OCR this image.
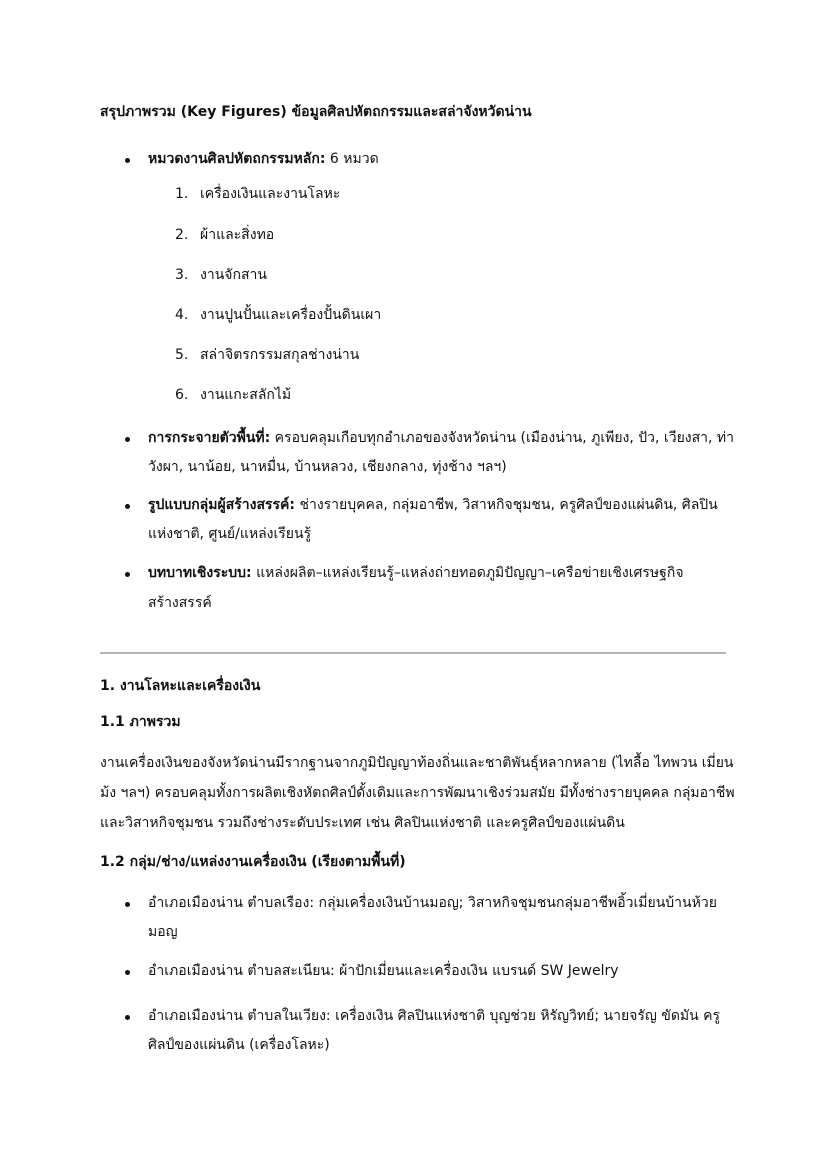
สรุปภาพรวม (Key Figures) ข้อมูลศิลปหัตถกรรมและสล่าจังหวัดน่าน
หมวดงานศิลปหัตถกรรมหลัก: 6 หมวด
1. เครื่องเงินและงานโลหะ
2. ผ้าและสิ่งทอ
3. งานจักสาน
4. งานปูนปั้นและเครื่องปั้นดินเผา
5. สล่าจิตรกรรมสกุลช่างน่าน
6. งานแกะสลักไม้
การกระจายตัวพื้นที่: ครอบคลุมเกือบทุกอำเภอของจังหวัดน่าน (เมืองน่าน, ภูเพียง, ปัว, เวียงสา, ท่า
วังผา, นาน้อย, นาหมื่น, บ้านหลวง, เชียงกลาง, ทุ่งช้าง ฯลฯ)
รูปแบบกลุ่มผู้สร้างสรรค์: ช่างรายบุคคล, กลุ่มอาชีพ, วิสาหกิจชุมชน, ครูศิลป์ของแผ่นดิน, ศิลปิน
แห่งชาติ, ศูนย์/แหล่งเรียนรู้
บทบาทเชิงระบบ: แหล่งผลิต–แหล่งเรียนรู้–แหล่งถ่ายทอดภูมิปัญญา–เครือข่ายเชิงเศรษฐกิจ
สร้างสรรค์
1. งานโลหะและเครื่องเงิน
1.1 ภาพรวม
งานเครื่องเงินของจังหวัดน่านมีรากฐานจากภูมิปัญญาท้องถิ่นและชาติพันธุ์หลากหลาย (ไทลื้อ ไทพวน เมี่ยน
ม้ง ฯลฯ) ครอบคลุมทั้งการผลิตเชิงหัตถศิลป์ดั้งเดิมและการพัฒนาเชิงร่วมสมัย มีทั้งช่างรายบุคคล กลุ่มอาชีพ
และวิสาหกิจชุมชน รวมถึงช่างระดับประเทศ เช่น ศิลปินแห่งชาติ และครูศิลป์ของแผ่นดิน
1.2 กลุ่ม/ช่าง/แหล่งงานเครื่องเงิน (เรียงตามพื้นที่)
อำเภอเมืองน่าน ตำบลเรือง: กลุ่มเครื่องเงินบ้านมอญ; วิสาหกิจชุมชนกลุ่มอาชีพอิ้วเมี่ยนบ้านห้วย
มอญ
อำเภอเมืองน่าน ตำบลสะเนียน: ผ้าปักเมี่ยนและเครื่องเงิน แบรนด์ SW Jewelry
อำเภอเมืองน่าน ตำบลในเวียง: เครื่องเงิน ศิลปินแห่งชาติ บุญช่วย หิรัญวิทย์; นายจรัญ ขัดมัน ครู
ศิลป์ของแผ่นดิน (เครื่องโลหะ)
